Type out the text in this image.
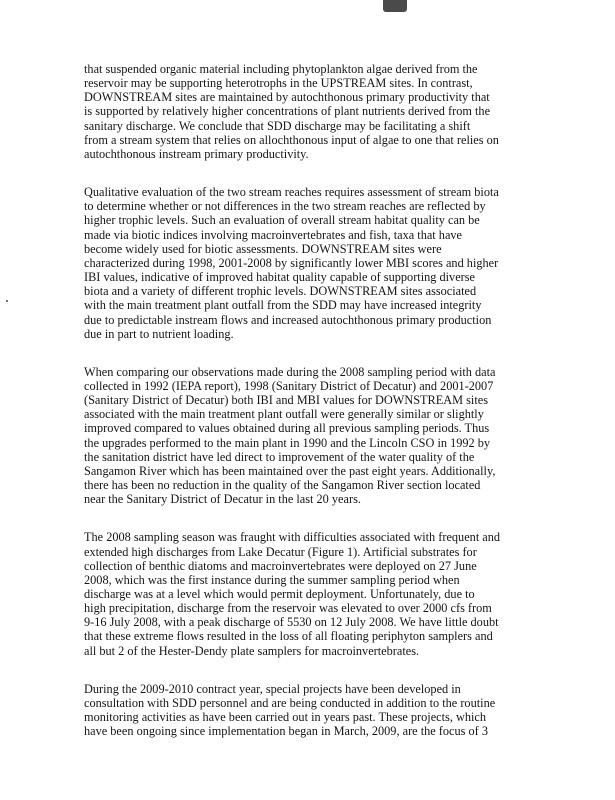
that suspended organic material including phytoplankton algae derived from the
reservoir may be supporting heterotrophs in the UPSTREAM sites. In contrast,
DOWNSTREAM sites are maintained by autochthonous primary productivity that
is supported by relatively higher concentrations of plant nutrients derived from the
sanitary discharge. We conclude that SDD discharge may be facilitating a shift
from a stream system that relies on allochthonous input of algae to one that relies on
autochthonous instream primary productivity.

Qualitative evaluation of the two stream reaches requires assessment of stream biota
to determine whether or not differences in the two stream reaches are reflected by
higher trophic levels. Such an evaluation of overall stream habitat quality can be
made via biotic indices involving macroinvertebrates and fish, taxa that have
become widely used for biotic assessments. DOWNSTREAM sites were
characterized during 1998, 2001-2008 by significantly lower MBI scores and higher
IBI values, indicative of improved habitat quality capable of supporting diverse
biota and a variety of different trophic levels. DOWNSTREAM sites associated
with the main treatment plant outfall from the SDD may have increased integrity
due to predictable instream flows and increased autochthonous primary production
due in part to nutrient loading.

When comparing our observations made during the 2008 sampling period with data
collected in 1992 (IEPA report), 1998 (Sanitary District of Decatur) and 2001-2007
(Sanitary District of Decatur) both IBI and MBI values for DOWNSTREAM sites
associated with the main treatment plant outfall were generally similar or slightly
improved compared to values obtained during all previous sampling periods. Thus
the upgrades performed to the main plant in 1990 and the Lincoln CSO in 1992 by
the sanitation district have led direct to improvement of the water quality of the
Sangamon River which has been maintained over the past eight years. Additionally,
there has been no reduction in the quality of the Sangamon River section located
near the Sanitary District of Decatur in the last 20 years.

The 2008 sampling season was fraught with difficulties associated with frequent and
extended high discharges from Lake Decatur (Figure 1). Artificial substrates for
collection of benthic diatoms and macroinvertebrates were deployed on 27 June
2008, which was the first instance during the summer sampling period when
discharge was at a level which would permit deployment. Unfortunately, due to
high precipitation, discharge from the reservoir was elevated to over 2000 cfs from
9-16 July 2008, with a peak discharge of 5530 on 12 July 2008. We have little doubt
that these extreme flows resulted in the loss of all floating periphyton samplers and
all but 2 of the Hester-Dendy plate samplers for macroinvertebrates.

During the 2009-2010 contract year, special projects have been developed in
consultation with SDD personnel and are being conducted in addition to the routine
monitoring activities as have been carried out in years past. These projects, which
have been ongoing since implementation began in March, 2009, are the focus of 3
